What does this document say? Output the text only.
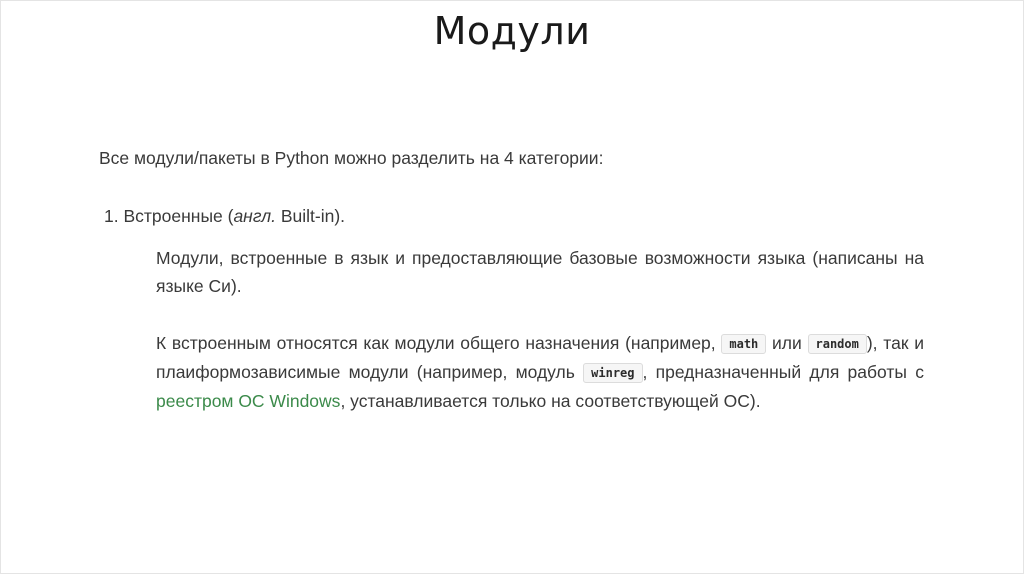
Модули

Все модули/пакеты в Python можно разделить на 4 категории:

1. Встроенные (англ. Built-in).

Модули, встроенные в язык и предоставляющие базовые возможности языка (написаны на языке Си).

К встроенным относятся как модули общего назначения (например, math или random ), так и плаиформозависимые модули (например, модуль winreg , предназначенный для работы с реестром ОС Windows, устанавливается только на соответствующей ОС).
